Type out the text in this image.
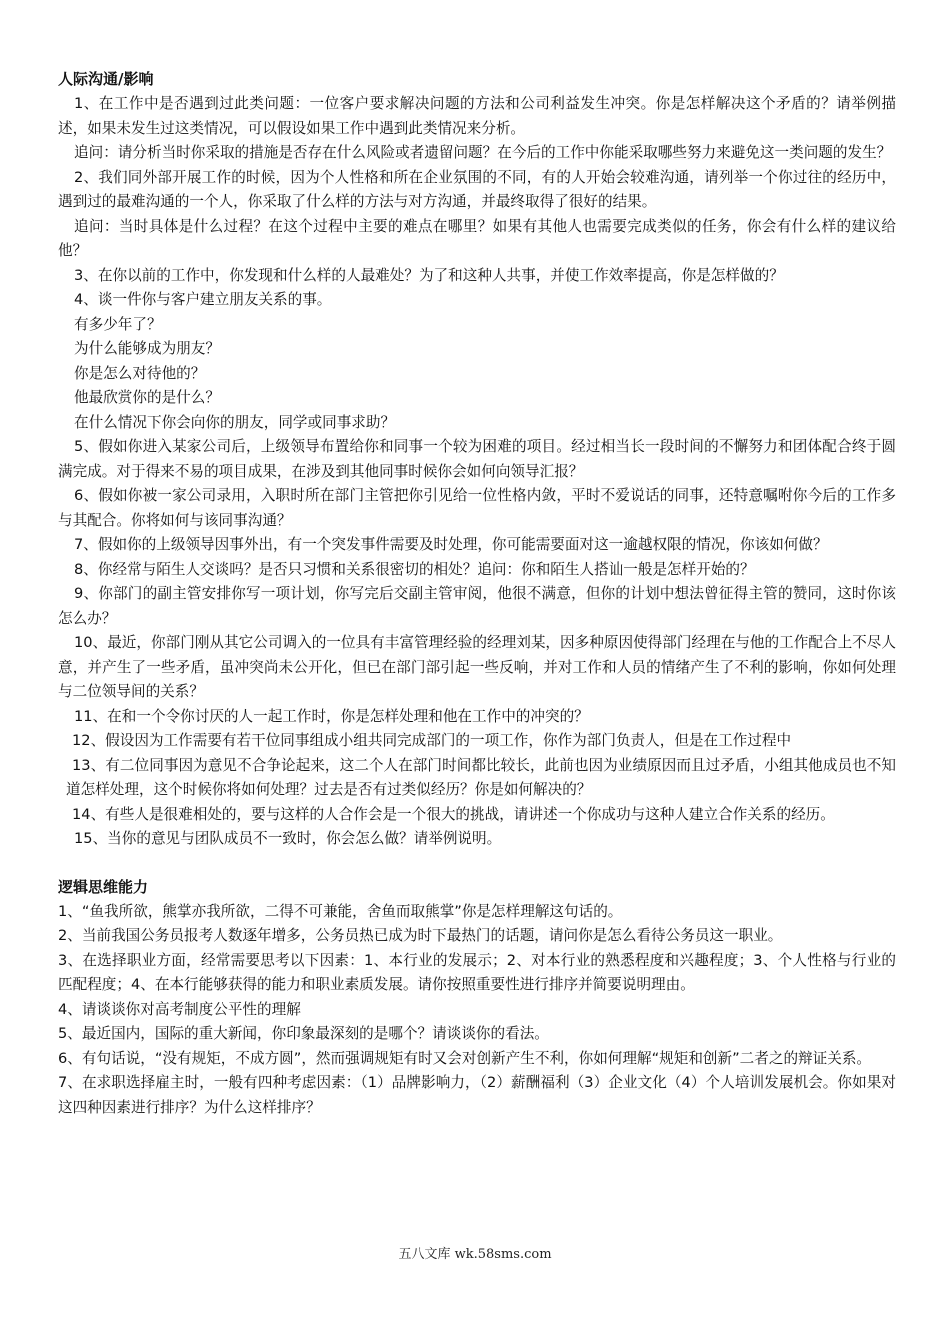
人际沟通/影响

1、在工作中是否遇到过此类问题：一位客户要求解决问题的方法和公司利益发生冲突。你是怎样解决这个矛盾的？请举例描述，如果未发生过这类情况，可以假设如果工作中遇到此类情况来分析。

追问：请分析当时你采取的措施是否存在什么风险或者遗留问题？在今后的工作中你能采取哪些努力来避免这一类问题的发生？

2、我们同外部开展工作的时候，因为个人性格和所在企业氛围的不同，有的人开始会较难沟通，请列举一个你过往的经历中，遇到过的最难沟通的一个人，你采取了什么样的方法与对方沟通，并最终取得了很好的结果。

追问：当时具体是什么过程？在这个过程中主要的难点在哪里？如果有其他人也需要完成类似的任务，你会有什么样的建议给他？

3、在你以前的工作中，你发现和什么样的人最难处？为了和这种人共事，并使工作效率提高，你是怎样做的？

4、谈一件你与客户建立朋友关系的事。

有多少年了？

为什么能够成为朋友？

你是怎么对待他的？

他最欣赏你的是什么？

在什么情况下你会向你的朋友，同学或同事求助？

5、假如你进入某家公司后，上级领导布置给你和同事一个较为困难的项目。经过相当长一段时间的不懈努力和团体配合终于圆满完成。对于得来不易的项目成果，在涉及到其他同事时候你会如何向领导汇报？

6、假如你被一家公司录用，入职时所在部门主管把你引见给一位性格内敛，平时不爱说话的同事，还特意嘱咐你今后的工作多与其配合。你将如何与该同事沟通？

7、假如你的上级领导因事外出，有一个突发事件需要及时处理，你可能需要面对这一逾越权限的情况，你该如何做？

8、你经常与陌生人交谈吗？是否只习惯和关系很密切的相处？追问：你和陌生人搭讪一般是怎样开始的？

9、你部门的副主管安排你写一项计划，你写完后交副主管审阅，他很不满意，但你的计划中想法曾征得主管的赞同，这时你该怎么办？

10、最近，你部门刚从其它公司调入的一位具有丰富管理经验的经理刘某，因多种原因使得部门经理在与他的工作配合上不尽人意，并产生了一些矛盾，虽冲突尚未公开化，但已在部门部引起一些反响，并对工作和人员的情绪产生了不利的影响，你如何处理与二位领导间的关系？

11、在和一个令你讨厌的人一起工作时，你是怎样处理和他在工作中的冲突的？

12、假设因为工作需要有若干位同事组成小组共同完成部门的一项工作，你作为部门负责人，但是在工作过程中

13、有二位同事因为意见不合争论起来，这二个人在部门时间都比较长，此前也因为业绩原因而且过矛盾，小组其他成员也不知道怎样处理，这个时候你将如何处理？过去是否有过类似经历？你是如何解决的？

14、有些人是很难相处的，要与这样的人合作会是一个很大的挑战，请讲述一个你成功与这种人建立合作关系的经历。

15、当你的意见与团队成员不一致时，你会怎么做？请举例说明。

逻辑思维能力

1、“鱼我所欲，熊掌亦我所欲，二得不可兼能，舍鱼而取熊掌”你是怎样理解这句话的。

2、当前我国公务员报考人数逐年增多，公务员热已成为时下最热门的话题，请问你是怎么看待公务员这一职业。

3、在选择职业方面，经常需要思考以下因素：1、本行业的发展示；2、对本行业的熟悉程度和兴趣程度；3、个人性格与行业的匹配程度；4、在本行能够获得的能力和职业素质发展。请你按照重要性进行排序并简要说明理由。

4、请谈谈你对高考制度公平性的理解

5、最近国内，国际的重大新闻，你印象最深刻的是哪个？请谈谈你的看法。

6、有句话说，“没有规矩，不成方圆”，然而强调规矩有时又会对创新产生不利，你如何理解“规矩和创新”二者之的辩证关系。

7、在求职选择雇主时，一般有四种考虑因素：（1）品牌影响力，（2）薪酬福利（3）企业文化（4）个人培训发展机会。你如果对这四种因素进行排序？为什么这样排序？

五八文库 wk.58sms.com
